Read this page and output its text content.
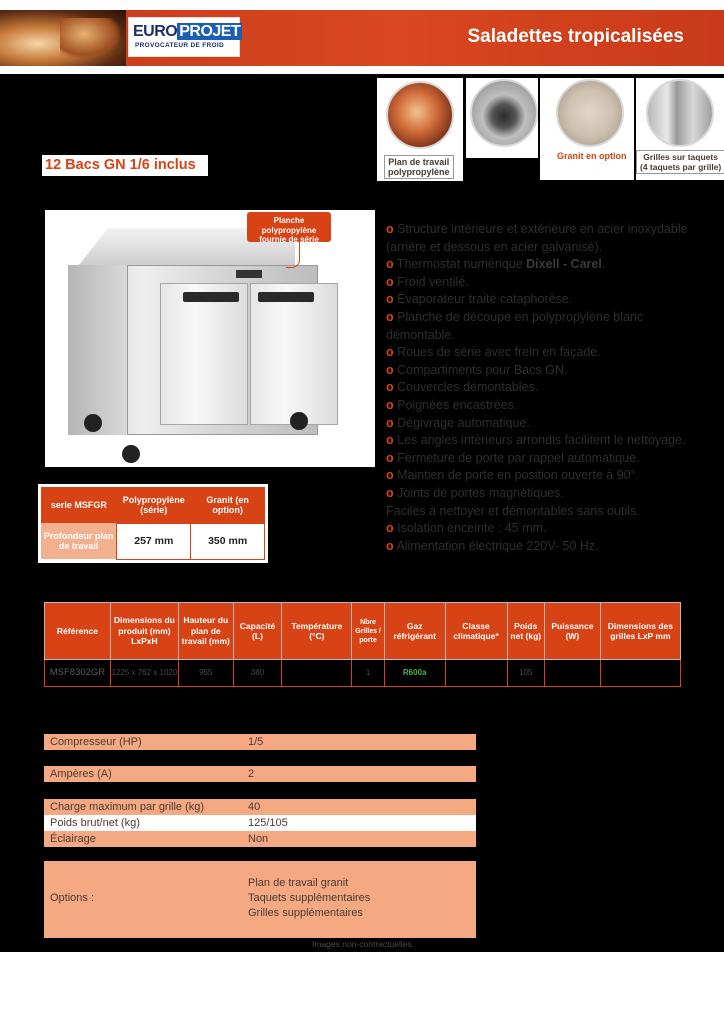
EURO PROJET
PROVOCATEUR DE FROID	Saladettes tropicalisées
Plan de travail
polypropylène
Granit en option	Grilles sur taquets
(4 taquets par grille)
12 Bacs GN 1/6 inclus
Planche polypropylène
fournie de série
o Structure intérieure et extérieure en acier inoxydable
(arrière et dessous en acier galvanisé).
o Thermostat numérique Dixell - Carel.
o Froid ventilé.
o Évaporateur traité cataphorèse.
o Planche de découpe en polypropylène blanc
démontable.
o Roues de série avec frein en façade.
o Compartiments pour Bacs GN.
o Couvercles démontables.
o Poignées encastrées.
o Dégivrage automatique.
o Les angles intérieurs arrondis facilitent le nettoyage.
o Fermeture de porte par rappel automatique.
o Maintien de porte en position ouverte à 90°.
o Joints de portes magnétiques.
Faciles à nettoyer et démontables sans outils.
o Isolation enceinte : 45 mm.
o Alimentation électrique 220V- 50 Hz.
serie MSFGR	Polypropylène (série)	Granit (en option)
Profondeur plan de travail	257 mm	350 mm
Référence	Dimensions du produit (mm) LxPxH	Hauteur du plan de travail (mm)	Capacité (L)	Température (°C)	Nbre Grilles / porte	Gaz réfrigérant	Classe climatique*	Poids net (kg)	Puissance (W)	Dimensions des grilles LxP mm
MSF8302GR	1225 x 762 x 1020	955	380		1	R600a		105		
Compresseur (HP)	1/5
Ampères (A)	2
Charge maximum par grille (kg)	40
Poids brut/net (kg)	125/105
Éclairage	Non
Options :
Plan de travail granit
Taquets supplémentaires
Grilles supplémentaires
Images non-contractuelles.
